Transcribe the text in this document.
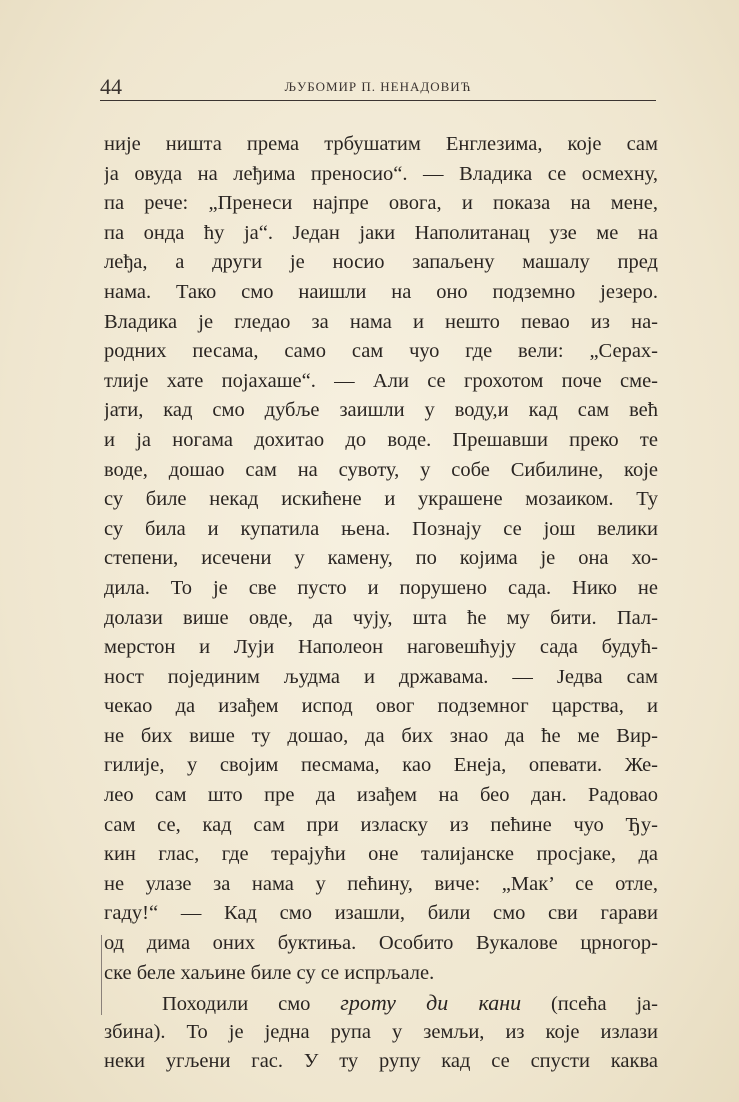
44	ЉУБОМИР П. НЕНАДОВИЋ
није ништа према трбушатим Енглезима, које сам
ја овуда на леђима преносио“. — Владика се осмехну,
па рече: „Пренеси најпре овога, и показа на мене,
па онда ћу ја“. Један јаки Наполитанац узе ме на
леђа, а други је носио запаљену машалу пред
нама. Тако смо наишли на оно подземно језеро.
Владика је гледао за нама и нешто певао из на-
родних песама, само сам чуо где вели: „Серах-
тлије хате појахаше“. — Али се грохотом поче сме-
јати, кад смо дубље заишли у воду,и кад сам већ
и ја ногама дохитао до воде. Прешавши преко те
воде, дошао сам на сувоту, у собе Сибилине, које
су биле некад искићене и украшене мозаиком. Ту
су била и купатила њена. Познају се још велики
степени, исечени у камену, по којима је она хо-
дила. То је све пусто и порушено сада. Нико не
долази више овде, да чују, шта ће му бити. Пал-
мерстон и Луји Наполеон наговешћују сада будућ-
ност појединим људма и државама. — Једва сам
чекао да изађем испод овог подземног царства, и
не бих више ту дошао, да бих знао да ће ме Вир-
гилије, у својим песмама, као Енеја, опевати. Же-
лео сам што пре да изађем на бео дан. Радовао
сам се, кад сам при изласку из пећине чуо Ђу-
кин глас, где терајући оне талијанске просјаке, да
не улазе за нама у пећину, виче: „Мак’ се отле,
гаду!“ — Кад смо изашли, били смо сви гарави
од дима оних буктиња. Особито Вукалове црногор-
ске беле хаљине биле су се испрљале.
Походили смо гроту ди кани (псећа ја-
збина). То је једна рупа у земљи, из које излази
неки угљени гас. У ту рупу кад се спусти каква
